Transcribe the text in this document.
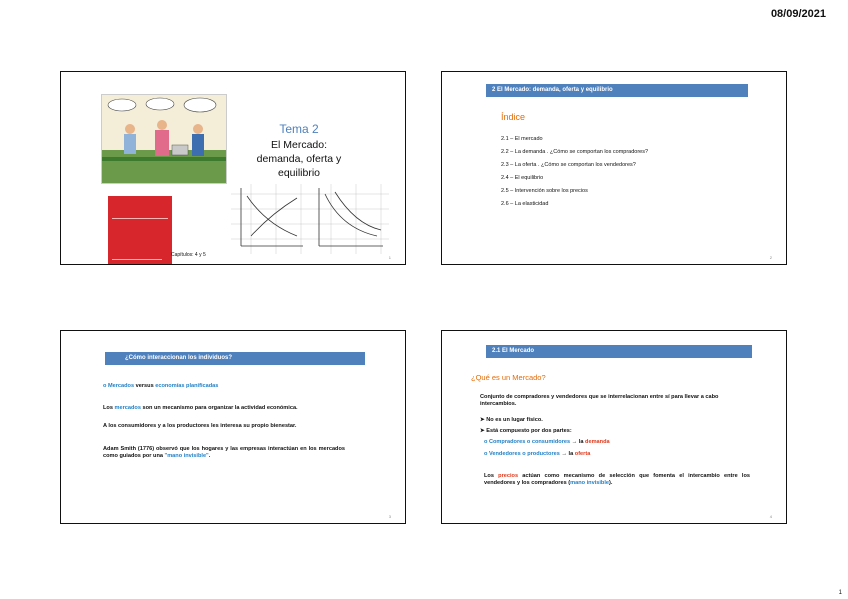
08/09/2021
Tema 2
El Mercado:
demanda, oferta y
equilibrio
Capítulos: 4 y 5	1
2 El Mercado: demanda, oferta y equilibrio
Índice
2.1 – El mercado
2.2 – La demanda . ¿Cómo se comportan los compradores?
2.3 – La oferta . ¿Cómo se comportan los vendedores?
2.4 – El equilibrio
2.5 – Intervención sobre los precios
2.6 – La elasticidad
2
¿Cómo interaccionan los individuos?
o Mercados versus economías planificadas
Los mercados son un mecanismo para organizar la actividad económica.
A los consumidores y a los productores les interesa su propio bienestar.
Adam Smith (1776) observó que los hogares y las empresas interactúan en los mercados como guiados por una "mano invisible".
3
2.1 El Mercado
¿Qué es un Mercado?
Conjunto de compradores y vendedores que se interrelacionan entre sí para llevar a cabo intercambios.
➤ No es un lugar físico.
➤ Está compuesto por dos partes:
o Compradores o consumidores → la demanda
o Vendedores o productores → la oferta
Los precios actúan como mecanismo de selección que fomenta el intercambio entre los vendedores y los compradores (mano invisible).
4
1
